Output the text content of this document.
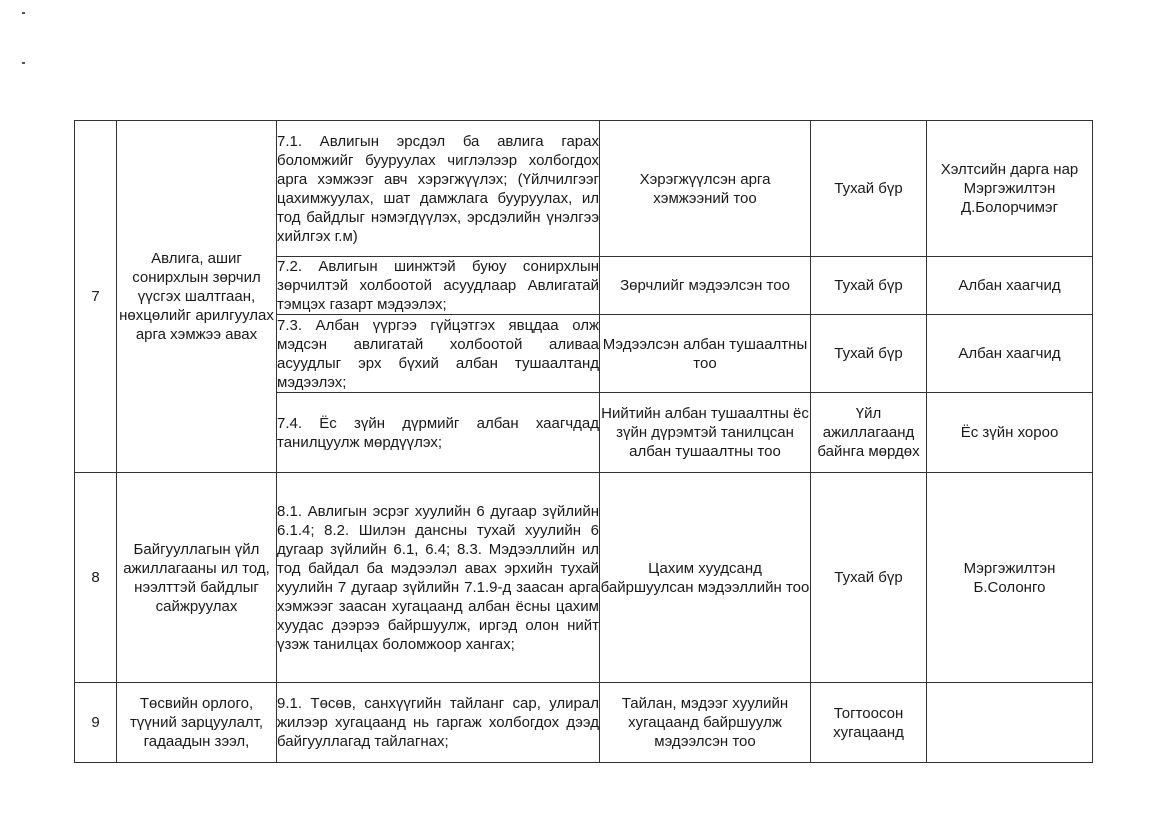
7	Авлига, ашиг сонирхлын зөрчил үүсгэх шалтгаан, нөхцөлийг арилгуулах арга хэмжээ авах	7.1. Авлигын эрсдэл ба авлига гарах боломжийг бууруулах чиглэлээр холбогдох арга хэмжээг авч хэрэгжүүлэх; (Үйлчилгээг цахимжуулах, шат дамжлага бууруулах, ил тод байдлыг нэмэгдүүлэх, эрсдэлийн үнэлгээ хийлгэх г.м)	Хэрэгжүүлсэн арга хэмжээний тоо	Тухай бүр	Хэлтсийн дарга нар Мэргэжилтэн Д.Болорчимэг
		7.2. Авлигын шинжтэй буюу сонирхлын зөрчилтэй холбоотой асуудлаар Авлигатай тэмцэх газарт мэдээлэх;	Зөрчлийг мэдээлсэн тоо	Тухай бүр	Албан хаагчид
		7.3. Албан үүргээ гүйцэтгэх явцдаа олж мэдсэн авлигатай холбоотой аливаа асуудлыг эрх бүхий албан тушаалтанд мэдээлэх;	Мэдээлсэн албан тушаалтны тоо	Тухай бүр	Албан хаагчид
		7.4. Ёс зүйн дүрмийг албан хаагчдад танилцуулж мөрдүүлэх;	Нийтийн албан тушаалтны ёс зүйн дүрэмтэй танилцсан албан тушаалтны тоо	Үйл ажиллагаанд байнга мөрдөх	Ёс зүйн хороо
8	Байгууллагын үйл ажиллагааны ил тод, нээлттэй байдлыг сайжруулах	8.1. Авлигын эсрэг хуулийн 6 дугаар зүйлийн 6.1.4; 8.2. Шилэн дансны тухай хуулийн 6 дугаар зүйлийн 6.1, 6.4; 8.3. Мэдээллийн ил тод байдал ба мэдээлэл авах эрхийн тухай хуулийн 7 дугаар зүйлийн 7.1.9-д заасан арга хэмжээг заасан хугацаанд албан ёсны цахим хуудас дээрээ байршуулж, иргэд олон нийт үзэж танилцах боломжоор хангах;	Цахим хуудсанд байршуулсан мэдээллийн тоо	Тухай бүр	Мэргэжилтэн Б.Солонго
9	Төсвийн орлого, түүний зарцуулалт, гадаадын зээл,	9.1. Төсөв, санхүүгийн тайланг сар, улирал жилээр хугацаанд нь гаргаж холбогдох дээд байгууллагад тайлагнах;	Тайлан, мэдээг хуулийн хугацаанд байршуулж мэдээлсэн тоо	Тогтоосон хугацаанд	
